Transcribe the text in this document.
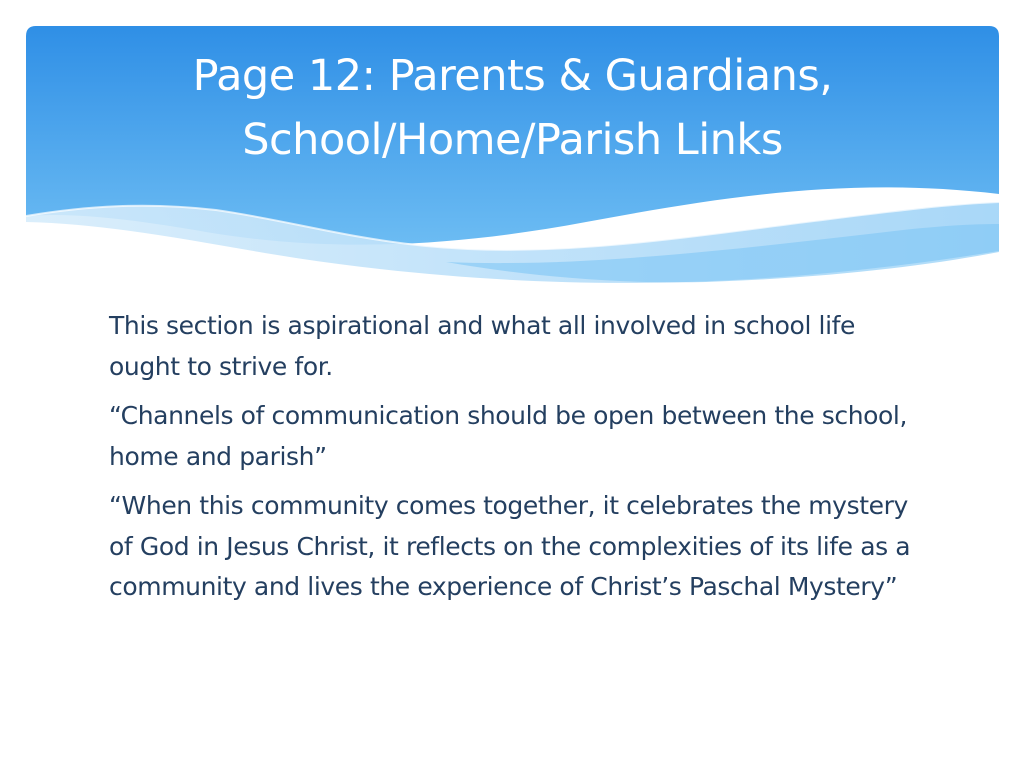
Page 12: Parents & Guardians,
School/Home/Parish Links

This section is aspirational and what all involved in school life ought to strive for.

“Channels of communication should be open between the school, home and parish”

“When this community comes together, it celebrates the mystery of God in Jesus Christ, it reflects on the complexities of its life as a community and lives the experience of Christ’s Paschal Mystery”
